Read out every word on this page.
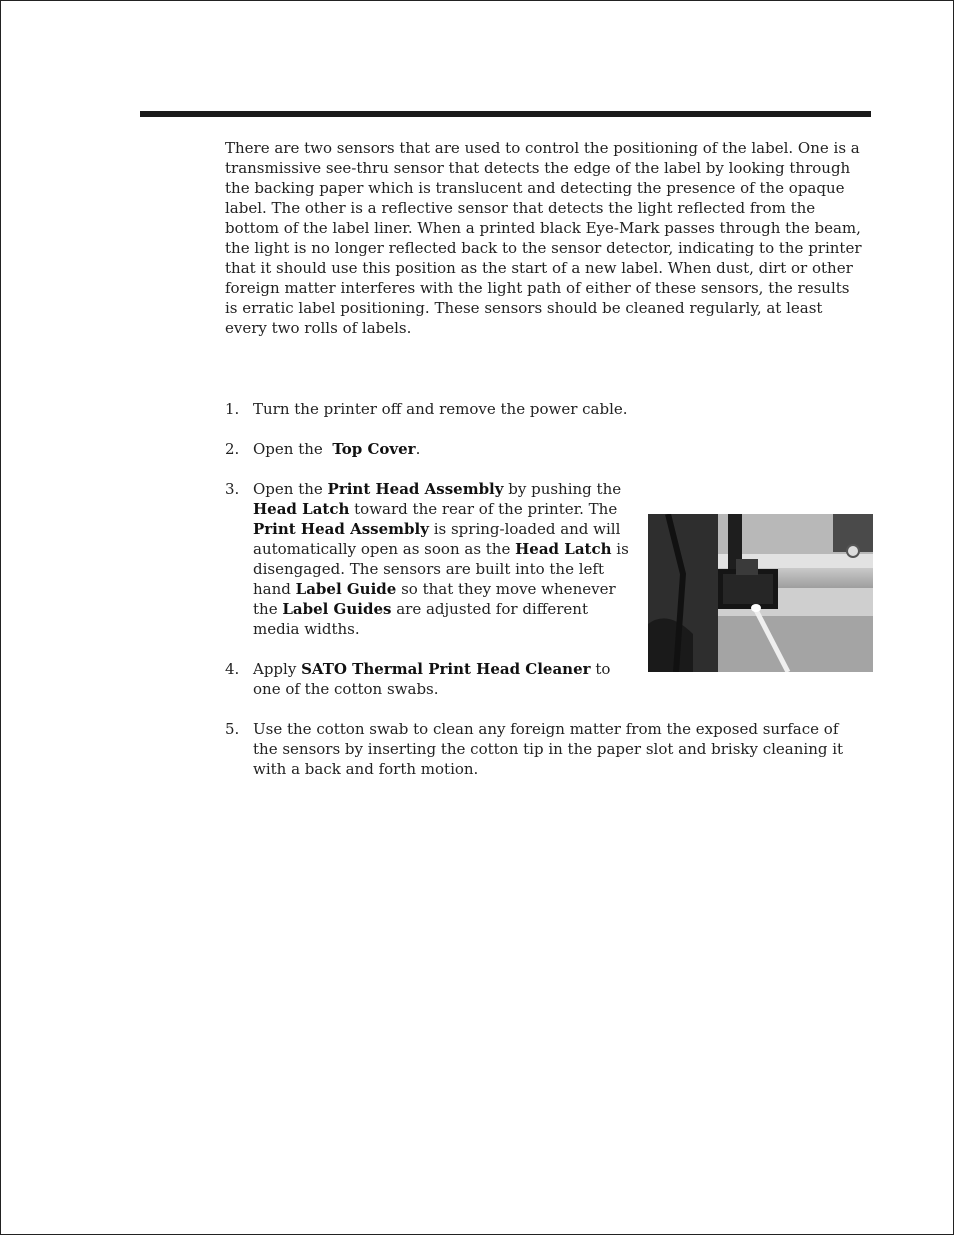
There are two sensors that are used to control the positioning of the label. One is a transmissive see-thru sensor that detects the edge of the label by looking through the backing paper which is translucent and detecting the presence of the opaque label. The other is a reflective sensor that detects the light reflected from the bottom of the label liner. When a printed black Eye-Mark passes through the beam, the light is no longer reflected back to the sensor detector, indicating to the printer that it should use this position as the start of a new label. When dust, dirt or other foreign matter interferes with the light path of either of these sensors, the results is erratic label positioning. These sensors should be cleaned regularly, at least every two rolls of labels.

1. Turn the printer off and remove the power cable.
2. Open the  Top Cover.
3. Open the Print Head Assembly by pushing the Head Latch toward the rear of the printer. The Print Head Assembly is spring-loaded and will automatically open as soon as the Head Latch is disengaged. The sensors are built into the left hand Label Guide so that they move whenever the Label Guides are adjusted for different media widths.
4. Apply SATO Thermal Print Head Cleaner to one of the cotton swabs.
5. Use the cotton swab to clean any foreign matter from the exposed surface of the sensors by inserting the cotton tip in the paper slot and brisky cleaning it with a back and forth motion.
